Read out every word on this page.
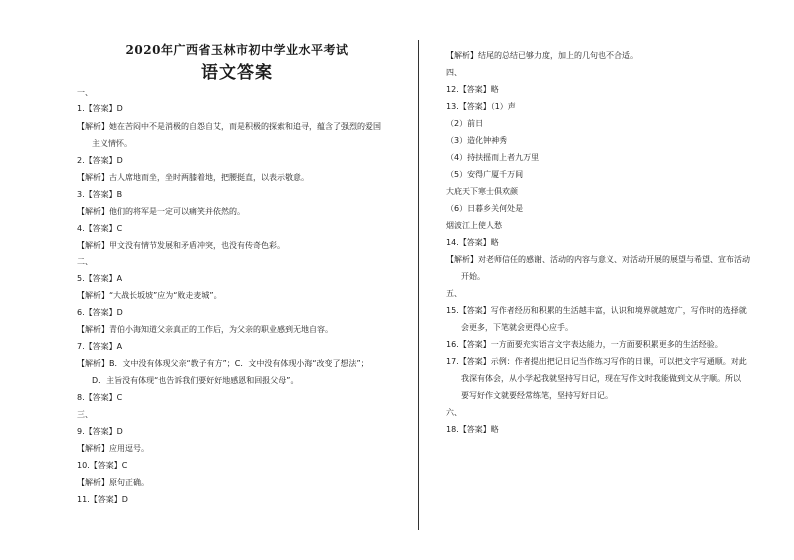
2020年广西省玉林市初中学业水平考试
语文答案
一、
1.【答案】D
【解析】她在苦闷中不是消极的自怨自艾，而是积极的探索和追寻，蕴含了强烈的爱国
主义情怀。
2.【答案】D
【解析】古人席地而坐，坐时两膝着地，把腰挺直，以表示敬意。
3.【答案】B
【解析】他们的将军是一定可以痛笑并依然的。
4.【答案】C
【解析】甲文没有情节发展和矛盾冲突，也没有传奇色彩。
二、
5.【答案】A
【解析】“大战长坂坡”应为“败走麦城”。
6.【答案】D
【解析】青伯小海知道父亲真正的工作后，为父亲的职业感到无地自容。
7.【答案】A
【解析】B．文中没有体现父亲“教子有方”；C．文中没有体现小海“改变了想法”；
D．主旨没有体现“也告诉我们要好好地感恩和回报父母”。
8.【答案】C
三、
9.【答案】D
【解析】应用逗号。
10.【答案】C
【解析】原句正确。
11.【答案】D
【解析】结尾的总结已够力度，加上的几句也不合适。
四、
12.【答案】略
13.【答案】（1）声
（2）前日
（3）造化钟神秀
（4）持扶摇而上者九万里
（5）安得广厦千万间
大庇天下寒士俱欢颜
（6）日暮乡关何处是
烟波江上使人愁
14.【答案】略
【解析】对老师信任的感谢、活动的内容与意义、对活动开展的展望与希望、宣布活动
开始。
五、
15.【答案】写作者经历和积累的生活越丰富，认识和境界就越宽广，写作时的选择就
会更多，下笔就会更得心应手。
16.【答案】一方面要充实语言文字表达能力，一方面要积累更多的生活经验。
17.【答案】示例：作者提出把记日记当作练习写作的日课，可以把文字写通顺。对此
我深有体会，从小学起我就坚持写日记，现在写作文时我能做到文从字顺。所以
要写好作文就要经常练笔，坚持写好日记。
六、
18.【答案】略
